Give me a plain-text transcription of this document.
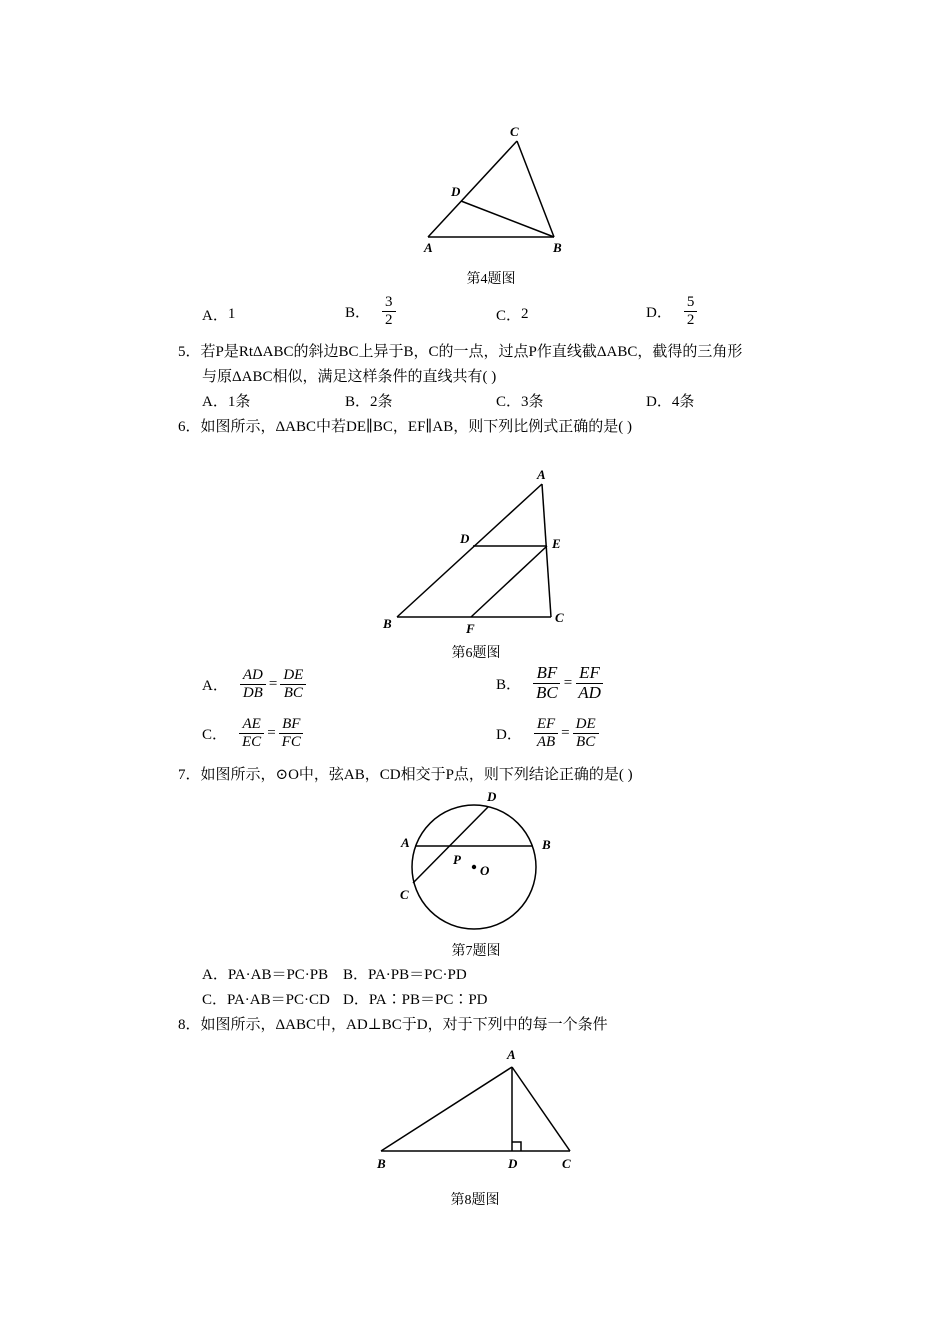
C
D
A	B
第4题图
A． 1	B． $\frac{3}{2}$	C． 2	D． $\frac{5}{2}$
5．若P是RtΔABC的斜边BC上异于B，C的一点，过点P作直线截ΔABC，截得的三角形
与原ΔABC相似，满足这样条件的直线共有( )
A．1条	B．2条	C．3条	D．4条
6．如图所示，ΔABC中若DE∥BC，EF∥AB，则下列比例式正确的是( )
A
D	E
B	F
C
第6题图
A． $\frac{AD}{DB} = \frac{DE}{BC}$	B． $\frac{BF}{BC} = \frac{EF}{AD}$
C． $\frac{AE}{EC} = \frac{BF}{FC}$	D． $\frac{EF}{AB} = \frac{DE}{BC}$
7．如图所示，⊙O中，弦AB，CD相交于P点，则下列结论正确的是( )
D
A	B
P
O
C
第7题图
A．PA·AB＝PC·PB B．PA·PB＝PC·PD
C．PA·AB＝PC·CD D．PA∶PB＝PC∶PD
8．如图所示，ΔABC中，AD⊥BC于D，对于下列中的每一个条件
A
B	D	C
第8题图
